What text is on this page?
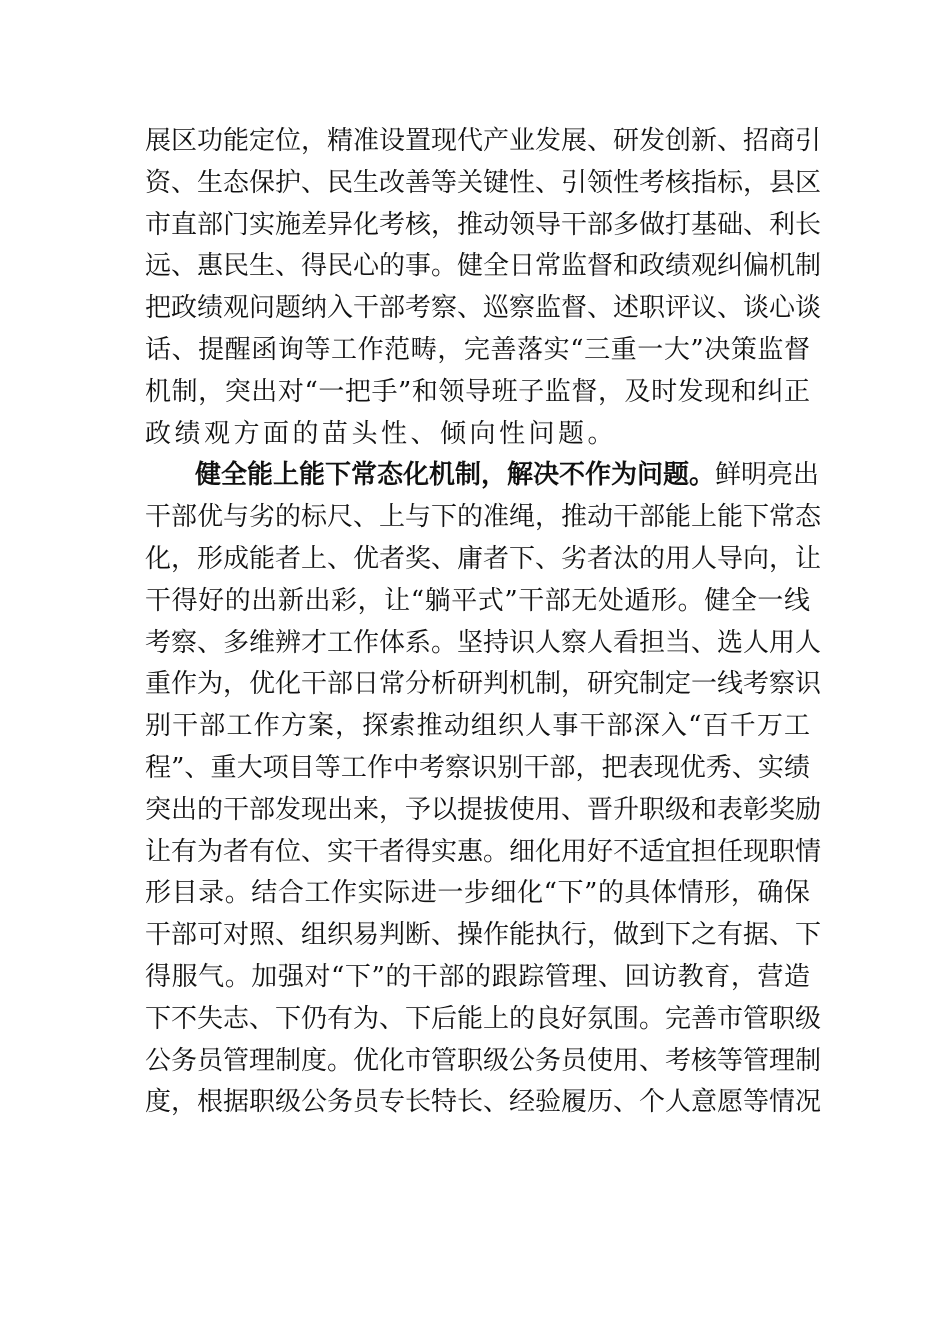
展区功能定位，精准设置现代产业发展、研发创新、招商引
资、生态保护、民生改善等关键性、引领性考核指标，县区
市直部门实施差异化考核，推动领导干部多做打基础、利长
远、惠民生、得民心的事。健全日常监督和政绩观纠偏机制
把政绩观问题纳入干部考察、巡察监督、述职评议、谈心谈
话、提醒函询等工作范畴，完善落实“三重一大”决策监督
机制，突出对“一把手”和领导班子监督，及时发现和纠正
政绩观方面的苗头性、倾向性问题。
健全能上能下常态化机制，解决不作为问题。鲜明亮出
干部优与劣的标尺、上与下的准绳，推动干部能上能下常态
化，形成能者上、优者奖、庸者下、劣者汰的用人导向，让
干得好的出新出彩，让“躺平式”干部无处遁形。健全一线
考察、多维辨才工作体系。坚持识人察人看担当、选人用人
重作为，优化干部日常分析研判机制，研究制定一线考察识
别干部工作方案，探索推动组织人事干部深入“百千万工
程”、重大项目等工作中考察识别干部，把表现优秀、实绩
突出的干部发现出来，予以提拔使用、晋升职级和表彰奖励
让有为者有位、实干者得实惠。细化用好不适宜担任现职情
形目录。结合工作实际进一步细化“下”的具体情形，确保
干部可对照、组织易判断、操作能执行，做到下之有据、下
得服气。加强对“下”的干部的跟踪管理、回访教育，营造
下不失志、下仍有为、下后能上的良好氛围。完善市管职级
公务员管理制度。优化市管职级公务员使用、考核等管理制
度，根据职级公务员专长特长、经验履历、个人意愿等情况
